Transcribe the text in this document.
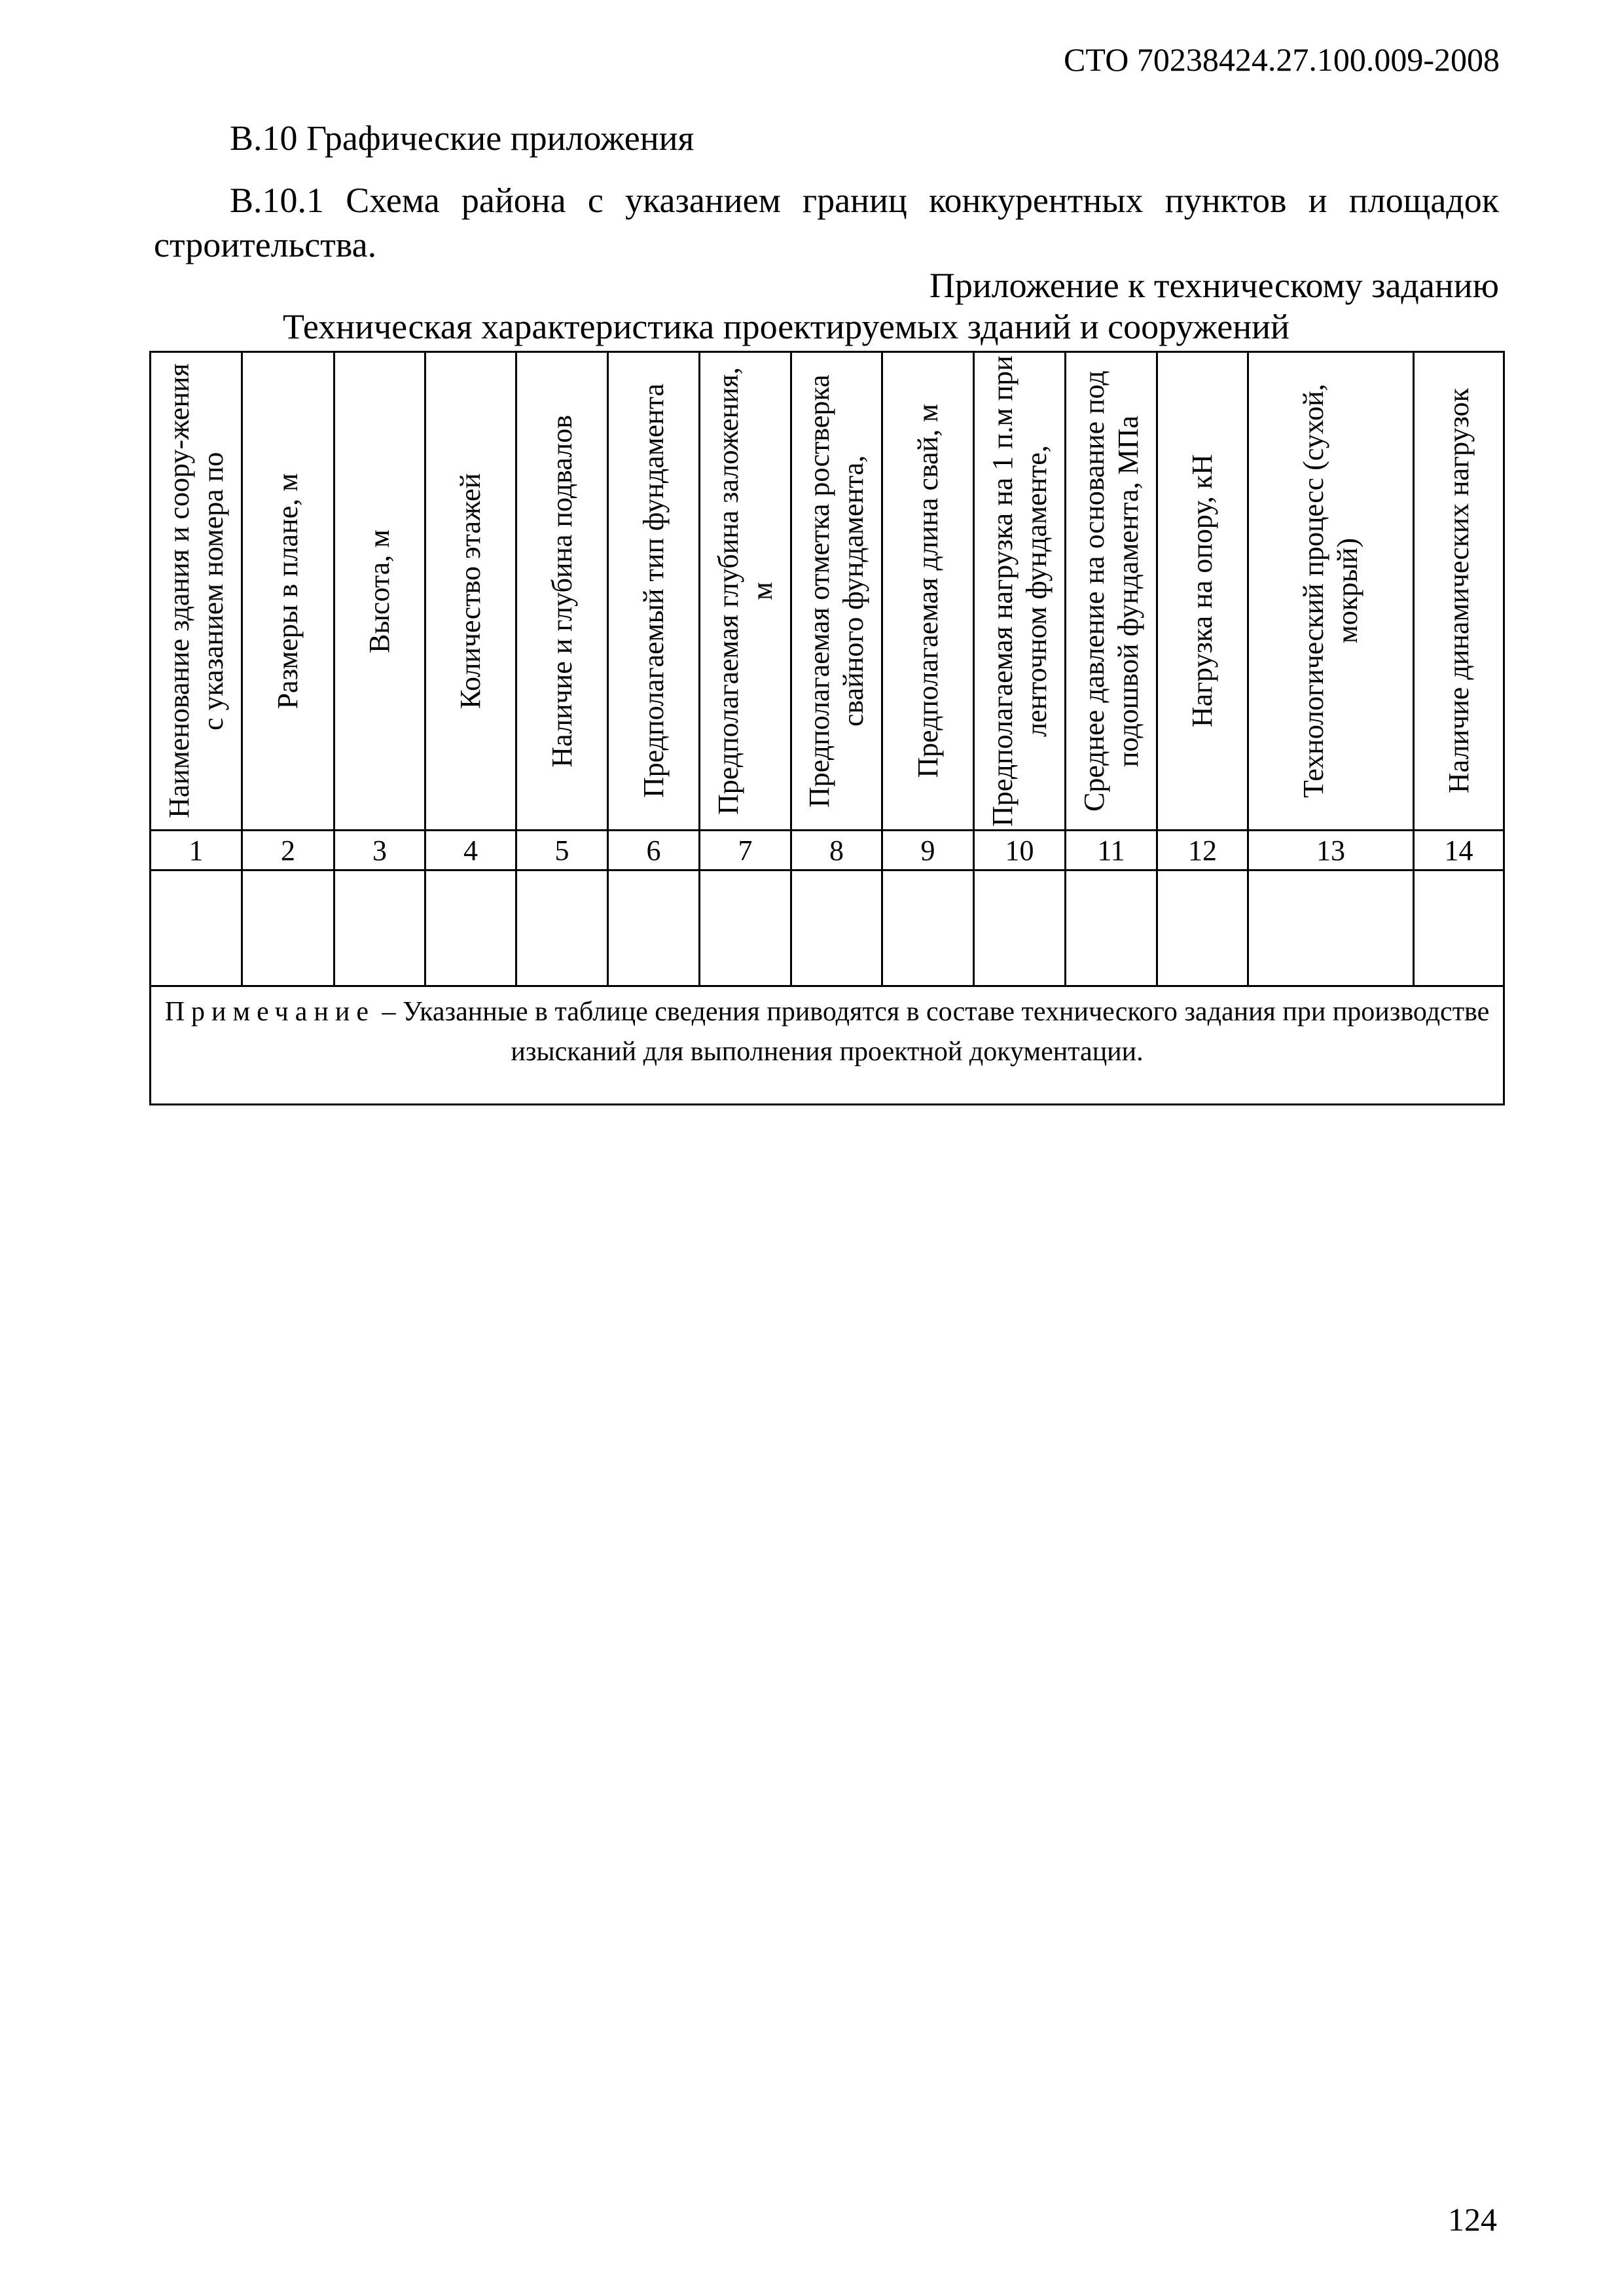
СТО 70238424.27.100.009-2008
В.10 Графические приложения
В.10.1 Схема района с указанием границ конкурентных пунктов и площадок строительства.
Приложение к техническому заданию
Техническая характеристика проектируемых зданий и сооружений
Наименование здания и соору-жения с указанием номера по	Размеры в плане, м	Высота, м	Количество этажей	Наличие и глубина подвалов	Предполагаемый тип фундамента	Предполагаемая глубина заложения, м	Предполагаемая отметка ростверка свайного фундамента,	Предполагаемая длина свай, м	Предполагаемая нагрузка на 1 п.м при ленточном фундаменте,	Среднее давление на основание под подошвой фундамента, МПа	Нагрузка на опору, кН	Технологический процесс (сухой, мокрый)	Наличие динамических нагрузок

1	2	3	4	5	6	7	8	9	10	11	12	13	14

Примечание – Указанные в таблице сведения приводятся в составе технического задания при производстве изысканий для выполнения проектной документации.													
124
